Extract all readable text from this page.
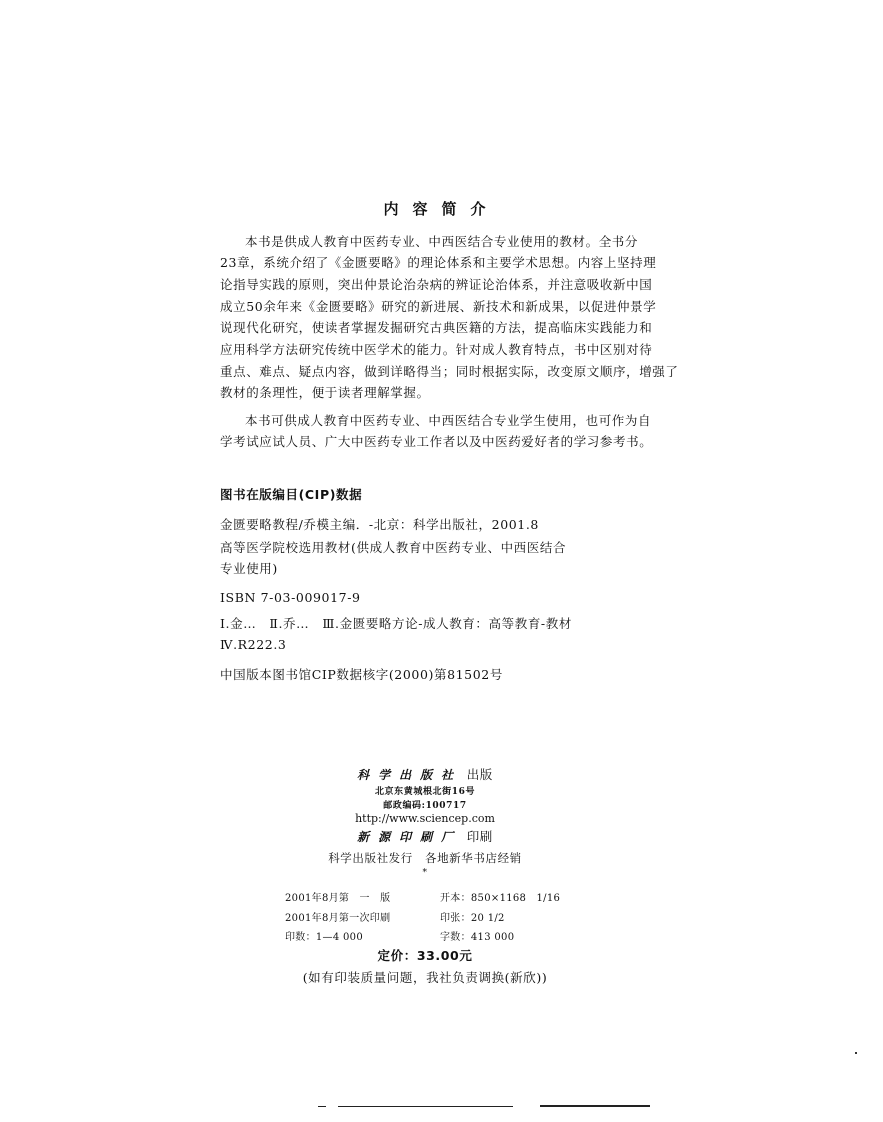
内容简介
本书是供成人教育中医药专业、中西医结合专业使用的教材。全书分
23章，系统介绍了《金匮要略》的理论体系和主要学术思想。内容上坚持理
论指导实践的原则，突出仲景论治杂病的辨证论治体系，并注意吸收新中国
成立50余年来《金匮要略》研究的新进展、新技术和新成果，以促进仲景学
说现代化研究，使读者掌握发掘研究古典医籍的方法，提高临床实践能力和
应用科学方法研究传统中医学术的能力。针对成人教育特点，书中区别对待
重点、难点、疑点内容，做到详略得当；同时根据实际，改变原文顺序，增强了
教材的条理性，便于读者理解掌握。
本书可供成人教育中医药专业、中西医结合专业学生使用，也可作为自
学考试应试人员、广大中医药专业工作者以及中医药爱好者的学习参考书。
图书在版编目(CIP)数据
金匮要略教程/乔模主编．-北京：科学出版社，2001.8
高等医学院校选用教材(供成人教育中医药专业、中西医结合
专业使用)
ISBN 7-03-009017-9
Ⅰ.金…　Ⅱ.乔…　Ⅲ.金匮要略方论-成人教育：高等教育-教材
Ⅳ.R222.3
中国版本图书馆CIP数据核字(2000)第81502号
科学出版社 出版
北京东黄城根北街16号
邮政编码:100717
http://www.sciencep.com
新源印刷厂 印刷
科学出版社发行　各地新华书店经销
*
2001年8月第　一　版	开本：850×1168　1/16
2001年8月第一次印刷	印张：20 1/2
印数：1—4 000	字数：413 000
定价：33.00元
(如有印装质量问题，我社负责调换(新欣))
